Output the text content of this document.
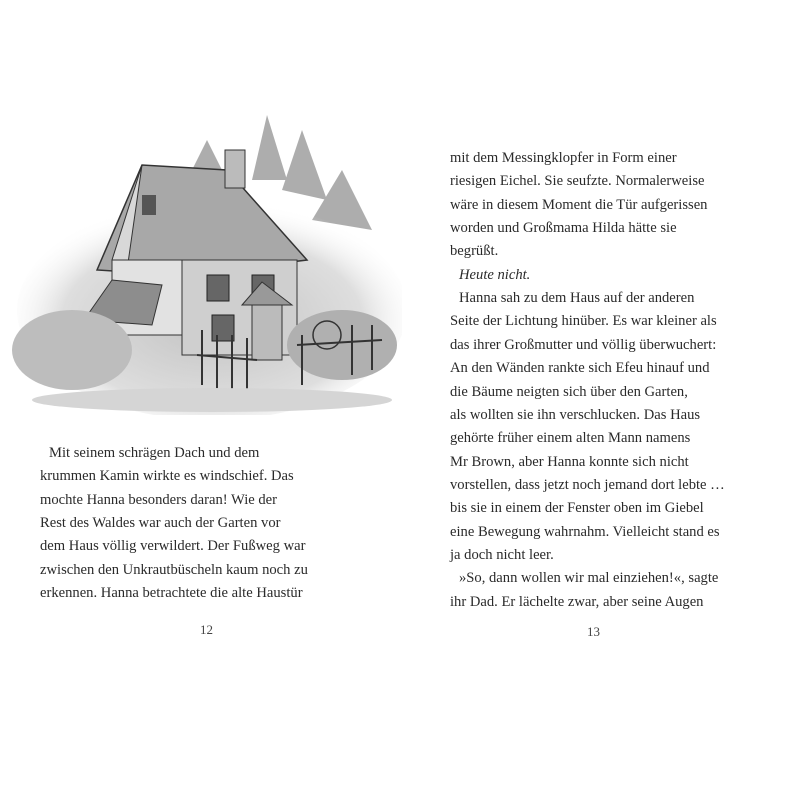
Mit seinem schrägen Dach und dem
krummen Kamin wirkte es windschief. Das
mochte Hanna besonders daran! Wie der
Rest des Waldes war auch der Garten vor
dem Haus völlig verwildert. Der Fußweg war
zwischen den Unkrautbüscheln kaum noch zu
erkennen. Hanna betrachtete die alte Haustür
12
mit dem Messingklopfer in Form einer
riesigen Eichel. Sie seufzte. Normalerweise
wäre in diesem Moment die Tür aufgerissen
worden und Großmama Hilda hätte sie
begrüßt.
Heute nicht.
Hanna sah zu dem Haus auf der anderen
Seite der Lichtung hinüber. Es war kleiner als
das ihrer Großmutter und völlig überwuchert:
An den Wänden rankte sich Efeu hinauf und
die Bäume neigten sich über den Garten,
als wollten sie ihn verschlucken. Das Haus
gehörte früher einem alten Mann namens
Mr Brown, aber Hanna konnte sich nicht
vorstellen, dass jetzt noch jemand dort lebte …
bis sie in einem der Fenster oben im Giebel
eine Bewegung wahrnahm. Vielleicht stand es
ja doch nicht leer.
»So, dann wollen wir mal einziehen!«, sagte
ihr Dad. Er lächelte zwar, aber seine Augen
13
